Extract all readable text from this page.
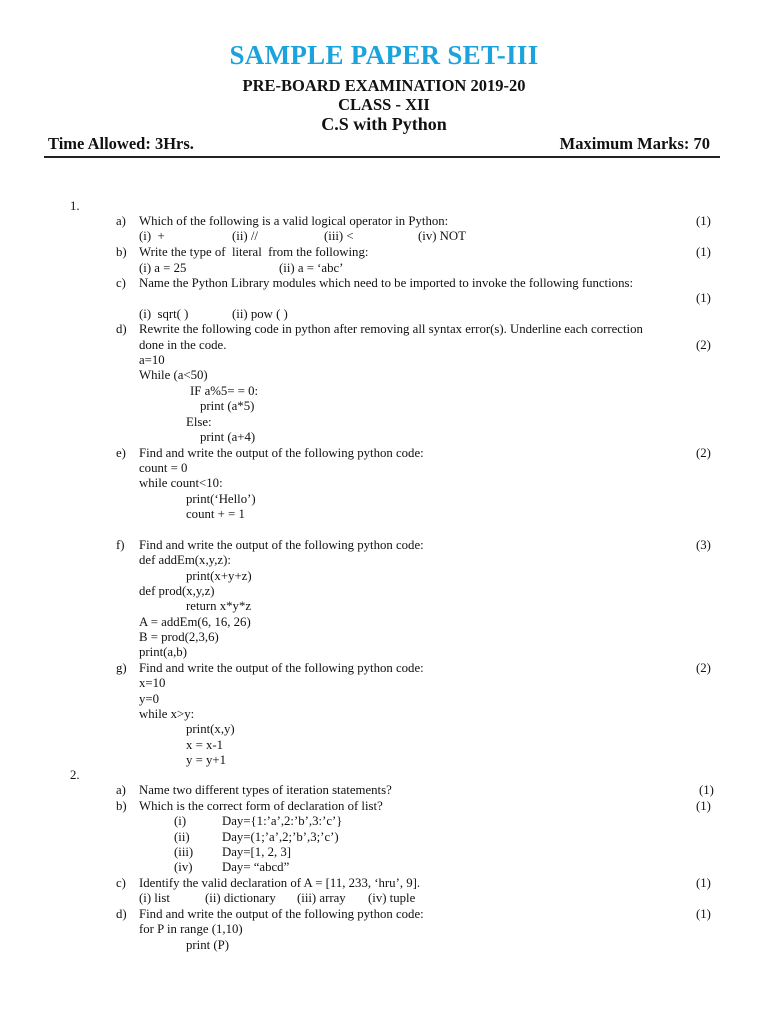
SAMPLE PAPER SET-III
PRE-BOARD EXAMINATION 2019-20
CLASS - XII
C.S with Python
Time Allowed: 3Hrs.	Maximum Marks: 70
1.
a) Which of the following is a valid logical operator in Python:	(1)
(i)  +	(ii) //	(iii) <	(iv) NOT
b) Write the type of  literal  from the following:	(1)
(i) a = 25	(ii) a = ‘abc’
c) Name the Python Library modules which need to be imported to invoke the following functions:
(1)
(i)  sqrt( )	(ii) pow ( )
d) Rewrite the following code in python after removing all syntax error(s). Underline each correction
done in the code.	(2)
a=10
While (a<50)
IF a%5= = 0:
print (a*5)
Else:
print (a+4)
e) Find and write the output of the following python code:	(2)
count = 0
while count<10:
print(‘Hello’)
count + = 1
f) Find and write the output of the following python code:	(3)
def addEm(x,y,z):
print(x+y+z)
def prod(x,y,z)
return x*y*z
A = addEm(6, 16, 26)
B = prod(2,3,6)
print(a,b)
g) Find and write the output of the following python code:	(2)
x=10
y=0
while x>y:
print(x,y)
x = x-1
y = y+1
2.
a) Name two different types of iteration statements?	(1)
b) Which is the correct form of declaration of list?	(1)
(i)	Day={1:’a’,2:’b’,3:’c’}
(ii)	Day=(1;’a’,2;’b’,3;’c’)
(iii) Day=[1, 2, 3]
(iv) Day= “abcd”
c) Identify the valid declaration of A = [11, 233, ‘hru’, 9].	(1)
(i) list	(ii) dictionary (iii) array (iv) tuple
d) Find and write the output of the following python code:	(1)
for P in range (1,10)
print (P)
